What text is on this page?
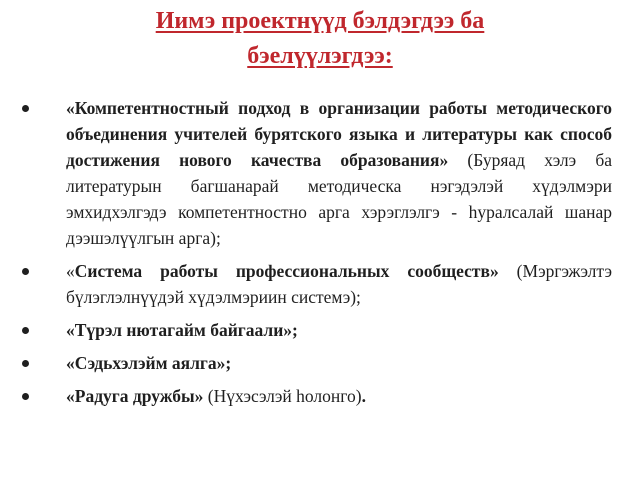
Иимэ проектнүүд бэлдэгдээ ба
бэелүүлэгдээ:
«Компетентностный подход в организации работы методического объединения учителей бурятского языка и литературы как способ достижения нового качества образования» (Буряад хэлэ ба литературын багшанарай методическа нэгэдэлэй хүдэлмэри эмхидхэлгэдэ компетентностно арга хэрэглэлгэ - һуралсалай шанар дээшэлүүлгын арга);
«Система работы профессиональных сообществ» (Мэргэжэлтэ бүлэглэлнүүдэй хүдэлмэриин системэ);
«Түрэл нютагайм байгаали»;
«Сэдьхэлэйм аялга»;
«Радуга дружбы» (Нүхэсэлэй һолонго).
